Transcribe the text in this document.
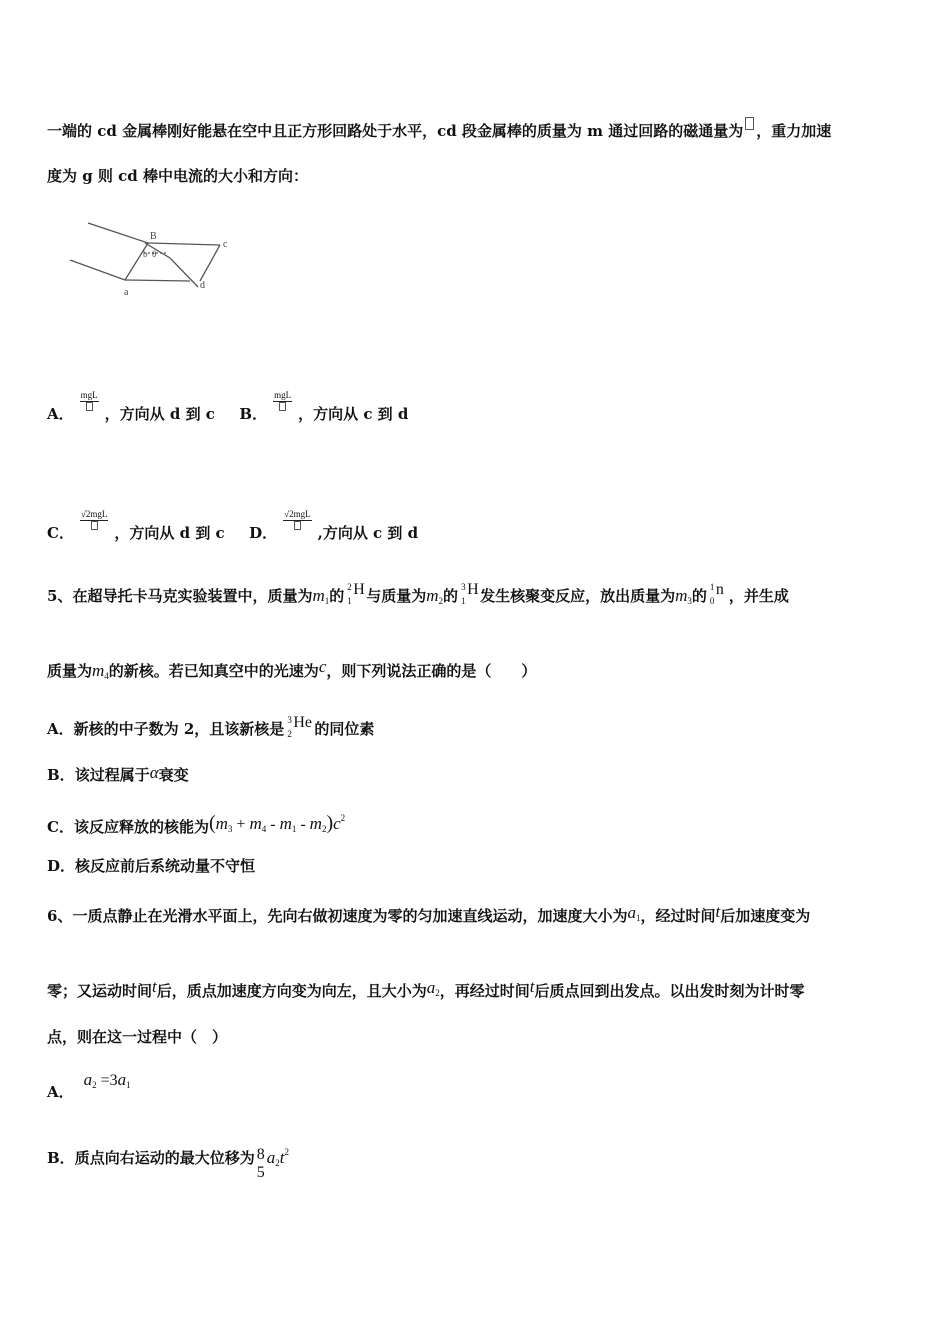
一端的 cd 金属棒刚好能悬在空中且正方形回路处于水平，cd 段金属棒的质量为 m 通过回路的磁通量为 ，重力加速
度为 g 则 cd 棒中电流的大小和方向：
B
b θ
c
a
d
A．
mgL
，方向从 d 到 c B．
mgL
，方向从 c 到 d
C．
√2mgL
，方向从 d 到 c D．
√2mgL
,方向从 c 到 d
5、在超导托卡马克实验装置中，质量为$m_1$的 2
1
H 与质量为$m_2$的 3
1
H 发生核聚变反应，放出质量为$m_3$的 1
0
n ，并生成
质量为$m_4$的新核。若已知真空中的光速为c，则下列说法正确的是（　　）
A．新核的中子数为 2，且该新核是 3
2
He 的同位素
B．该过程属于α衰变
C．该反应释放的核能为$(m_3 + m_4 - m_1 - m_2)c^2$
D．核反应前后系统动量不守恒
6、一质点静止在光滑水平面上，先向右做初速度为零的匀加速直线运动，加速度大小为$a_1$，经过时间t后加速度变为
零；又运动时间t后，质点加速度方向变为向左，且大小为$a_2$，再经过时间t后质点回到出发点。以出发时刻为计时零
点，则在这一过程中（　）
A．$a_2 =3a_1$
B．质点向右运动的最大位移为 8
5
$a_2t^2$
